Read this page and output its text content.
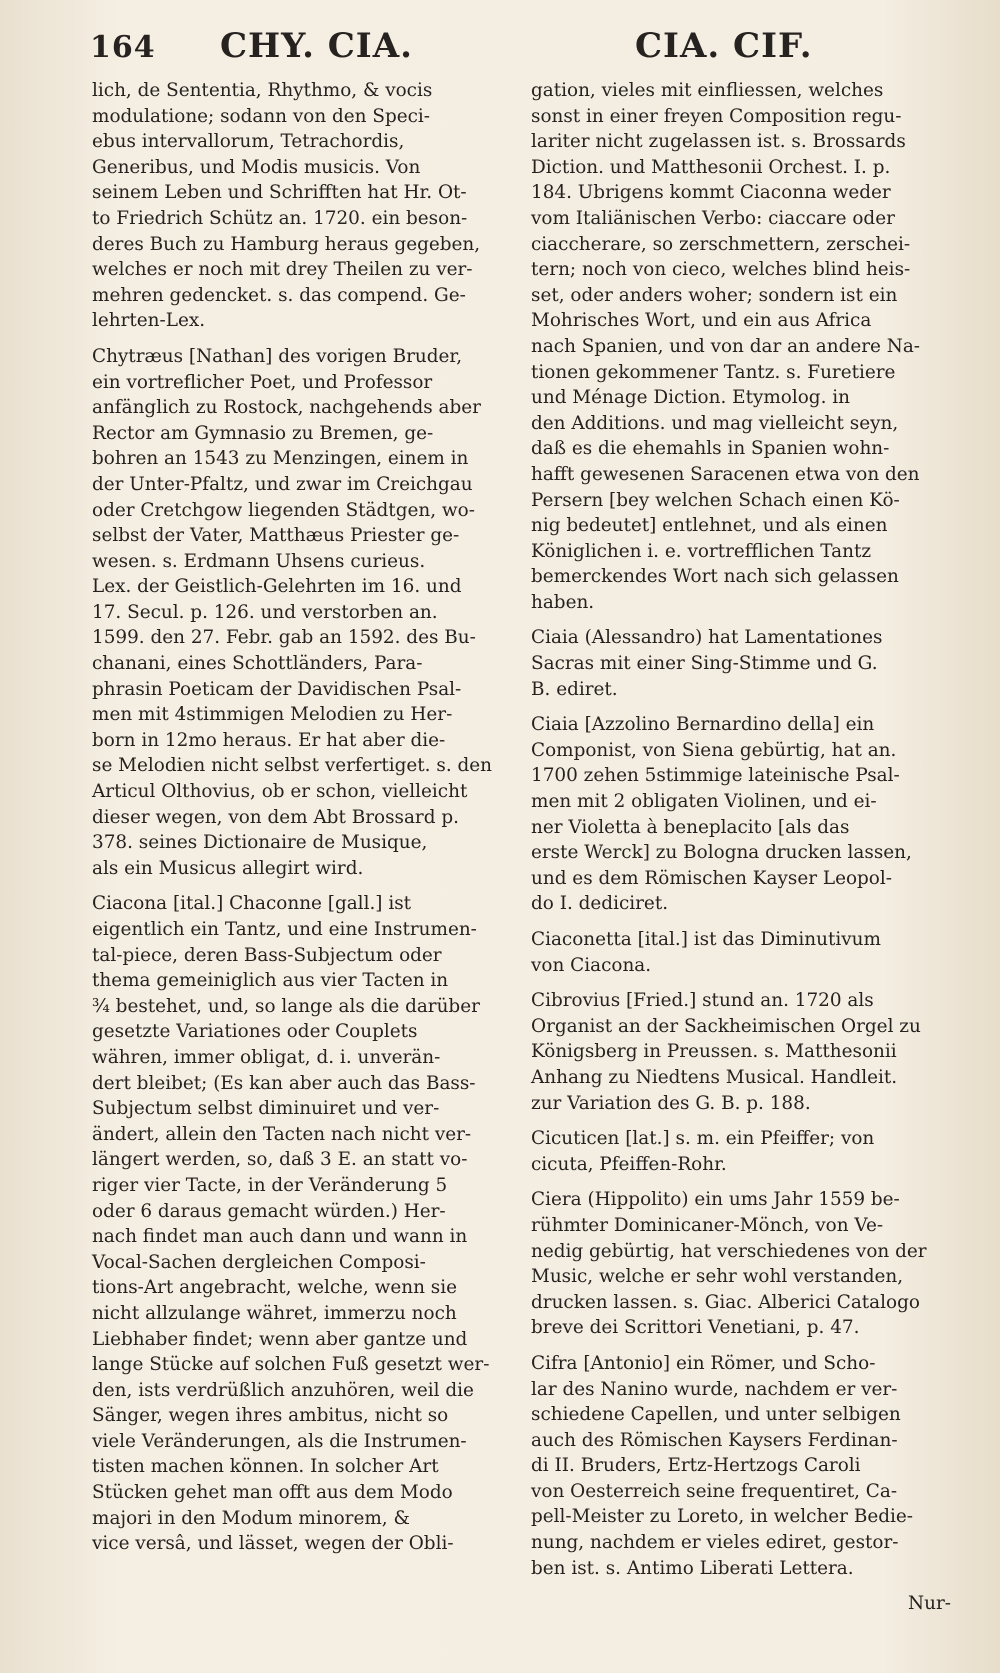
164 CHY. CIA.	CIA. CIF.
lich, de Sententia, Rhythmo, & vocis
modulatione; sodann von den Speci-
ebus intervallorum, Tetrachordis,
Generibus, und Modis musicis. Von
seinem Leben und Schrifften hat Hr. Ot-
to Friedrich Schütz an. 1720. ein beson-
deres Buch zu Hamburg heraus gegeben,
welches er noch mit drey Theilen zu ver-
mehren gedencket. s. das compend. Ge-
lehrten-Lex.
Chytræus [Nathan] des vorigen Bruder,
ein vortreflicher Poet, und Professor
anfänglich zu Rostock, nachgehends aber
Rector am Gymnasio zu Bremen, ge-
bohren an 1543 zu Menzingen, einem in
der Unter-Pfaltz, und zwar im Creichgau
oder Cretchgow liegenden Städtgen, wo-
selbst der Vater, Matthæus Priester ge-
wesen. s. Erdmann Uhsens curieus.
Lex. der Geistlich-Gelehrten im 16. und
17. Secul. p. 126. und verstorben an.
1599. den 27. Febr. gab an 1592. des Bu-
chanani, eines Schottländers, Para-
phrasin Poeticam der Davidischen Psal-
men mit 4stimmigen Melodien zu Her-
born in 12mo heraus. Er hat aber die-
se Melodien nicht selbst verfertiget. s. den
Articul Olthovius, ob er schon, vielleicht
dieser wegen, von dem Abt Brossard p.
378. seines Dictionaire de Musique,
als ein Musicus allegirt wird.
Ciacona [ital.] Chaconne [gall.] ist
eigentlich ein Tantz, und eine Instrumen-
tal-piece, deren Bass-Subjectum oder
thema gemeiniglich aus vier Tacten in
¾ bestehet, und, so lange als die darüber
gesetzte Variationes oder Couplets
währen, immer obligat, d. i. unverän-
dert bleibet; (Es kan aber auch das Bass-
Subjectum selbst diminuiret und ver-
ändert, allein den Tacten nach nicht ver-
längert werden, so, daß 3 E. an statt vo-
riger vier Tacte, in der Veränderung 5
oder 6 daraus gemacht würden.) Her-
nach findet man auch dann und wann in
Vocal-Sachen dergleichen Composi-
tions-Art angebracht, welche, wenn sie
nicht allzulange währet, immerzu noch
Liebhaber findet; wenn aber gantze und
lange Stücke auf solchen Fuß gesetzt wer-
den, ists verdrüßlich anzuhören, weil die
Sänger, wegen ihres ambitus, nicht so
viele Veränderungen, als die Instrumen-
tisten machen können. In solcher Art
Stücken gehet man offt aus dem Modo
majori in den Modum minorem, &
vice versâ, und lässet, wegen der Obli-
gation, vieles mit einfliessen, welches
sonst in einer freyen Composition regu-
lariter nicht zugelassen ist. s. Brossards
Diction. und Matthesonii Orchest. I. p.
184. Ubrigens kommt Ciaconna weder
vom Italiänischen Verbo: ciaccare oder
ciaccherare, so zerschmettern, zerschei-
tern; noch von cieco, welches blind heis-
set, oder anders woher; sondern ist ein
Mohrisches Wort, und ein aus Africa
nach Spanien, und von dar an andere Na-
tionen gekommener Tantz. s. Furetiere
und Ménage Diction. Etymolog. in
den Additions. und mag vielleicht seyn,
daß es die ehemahls in Spanien wohn-
hafft gewesenen Saracenen etwa von den
Persern [bey welchen Schach einen Kö-
nig bedeutet] entlehnet, und als einen
Königlichen i. e. vortrefflichen Tantz
bemerckendes Wort nach sich gelassen
haben.
Ciaia (Alessandro) hat Lamentationes
Sacras mit einer Sing-Stimme und G.
B. ediret.
Ciaia [Azzolino Bernardino della] ein
Componist, von Siena gebürtig, hat an.
1700 zehen 5stimmige lateinische Psal-
men mit 2 obligaten Violinen, und ei-
ner Violetta à beneplacito [als das
erste Werck] zu Bologna drucken lassen,
und es dem Römischen Kayser Leopol-
do I. dediciret.
Ciaconetta [ital.] ist das Diminutivum
von Ciacona.
Cibrovius [Fried.] stund an. 1720 als
Organist an der Sackheimischen Orgel zu
Königsberg in Preussen. s. Matthesonii
Anhang zu Niedtens Musical. Handleit.
zur Variation des G. B. p. 188.
Cicuticen [lat.] s. m. ein Pfeiffer; von
cicuta, Pfeiffen-Rohr.
Ciera (Hippolito) ein ums Jahr 1559 be-
rühmter Dominicaner-Mönch, von Ve-
nedig gebürtig, hat verschiedenes von der
Music, welche er sehr wohl verstanden,
drucken lassen. s. Giac. Alberici Catalogo
breve dei Scrittori Venetiani, p. 47.
Cifra [Antonio] ein Römer, und Scho-
lar des Nanino wurde, nachdem er ver-
schiedene Capellen, und unter selbigen
auch des Römischen Kaysers Ferdinan-
di II. Bruders, Ertz-Hertzogs Caroli
von Oesterreich seine frequentiret, Ca-
pell-Meister zu Loreto, in welcher Bedie-
nung, nachdem er vieles ediret, gestor-
ben ist. s. Antimo Liberati Lettera.
Nur-
